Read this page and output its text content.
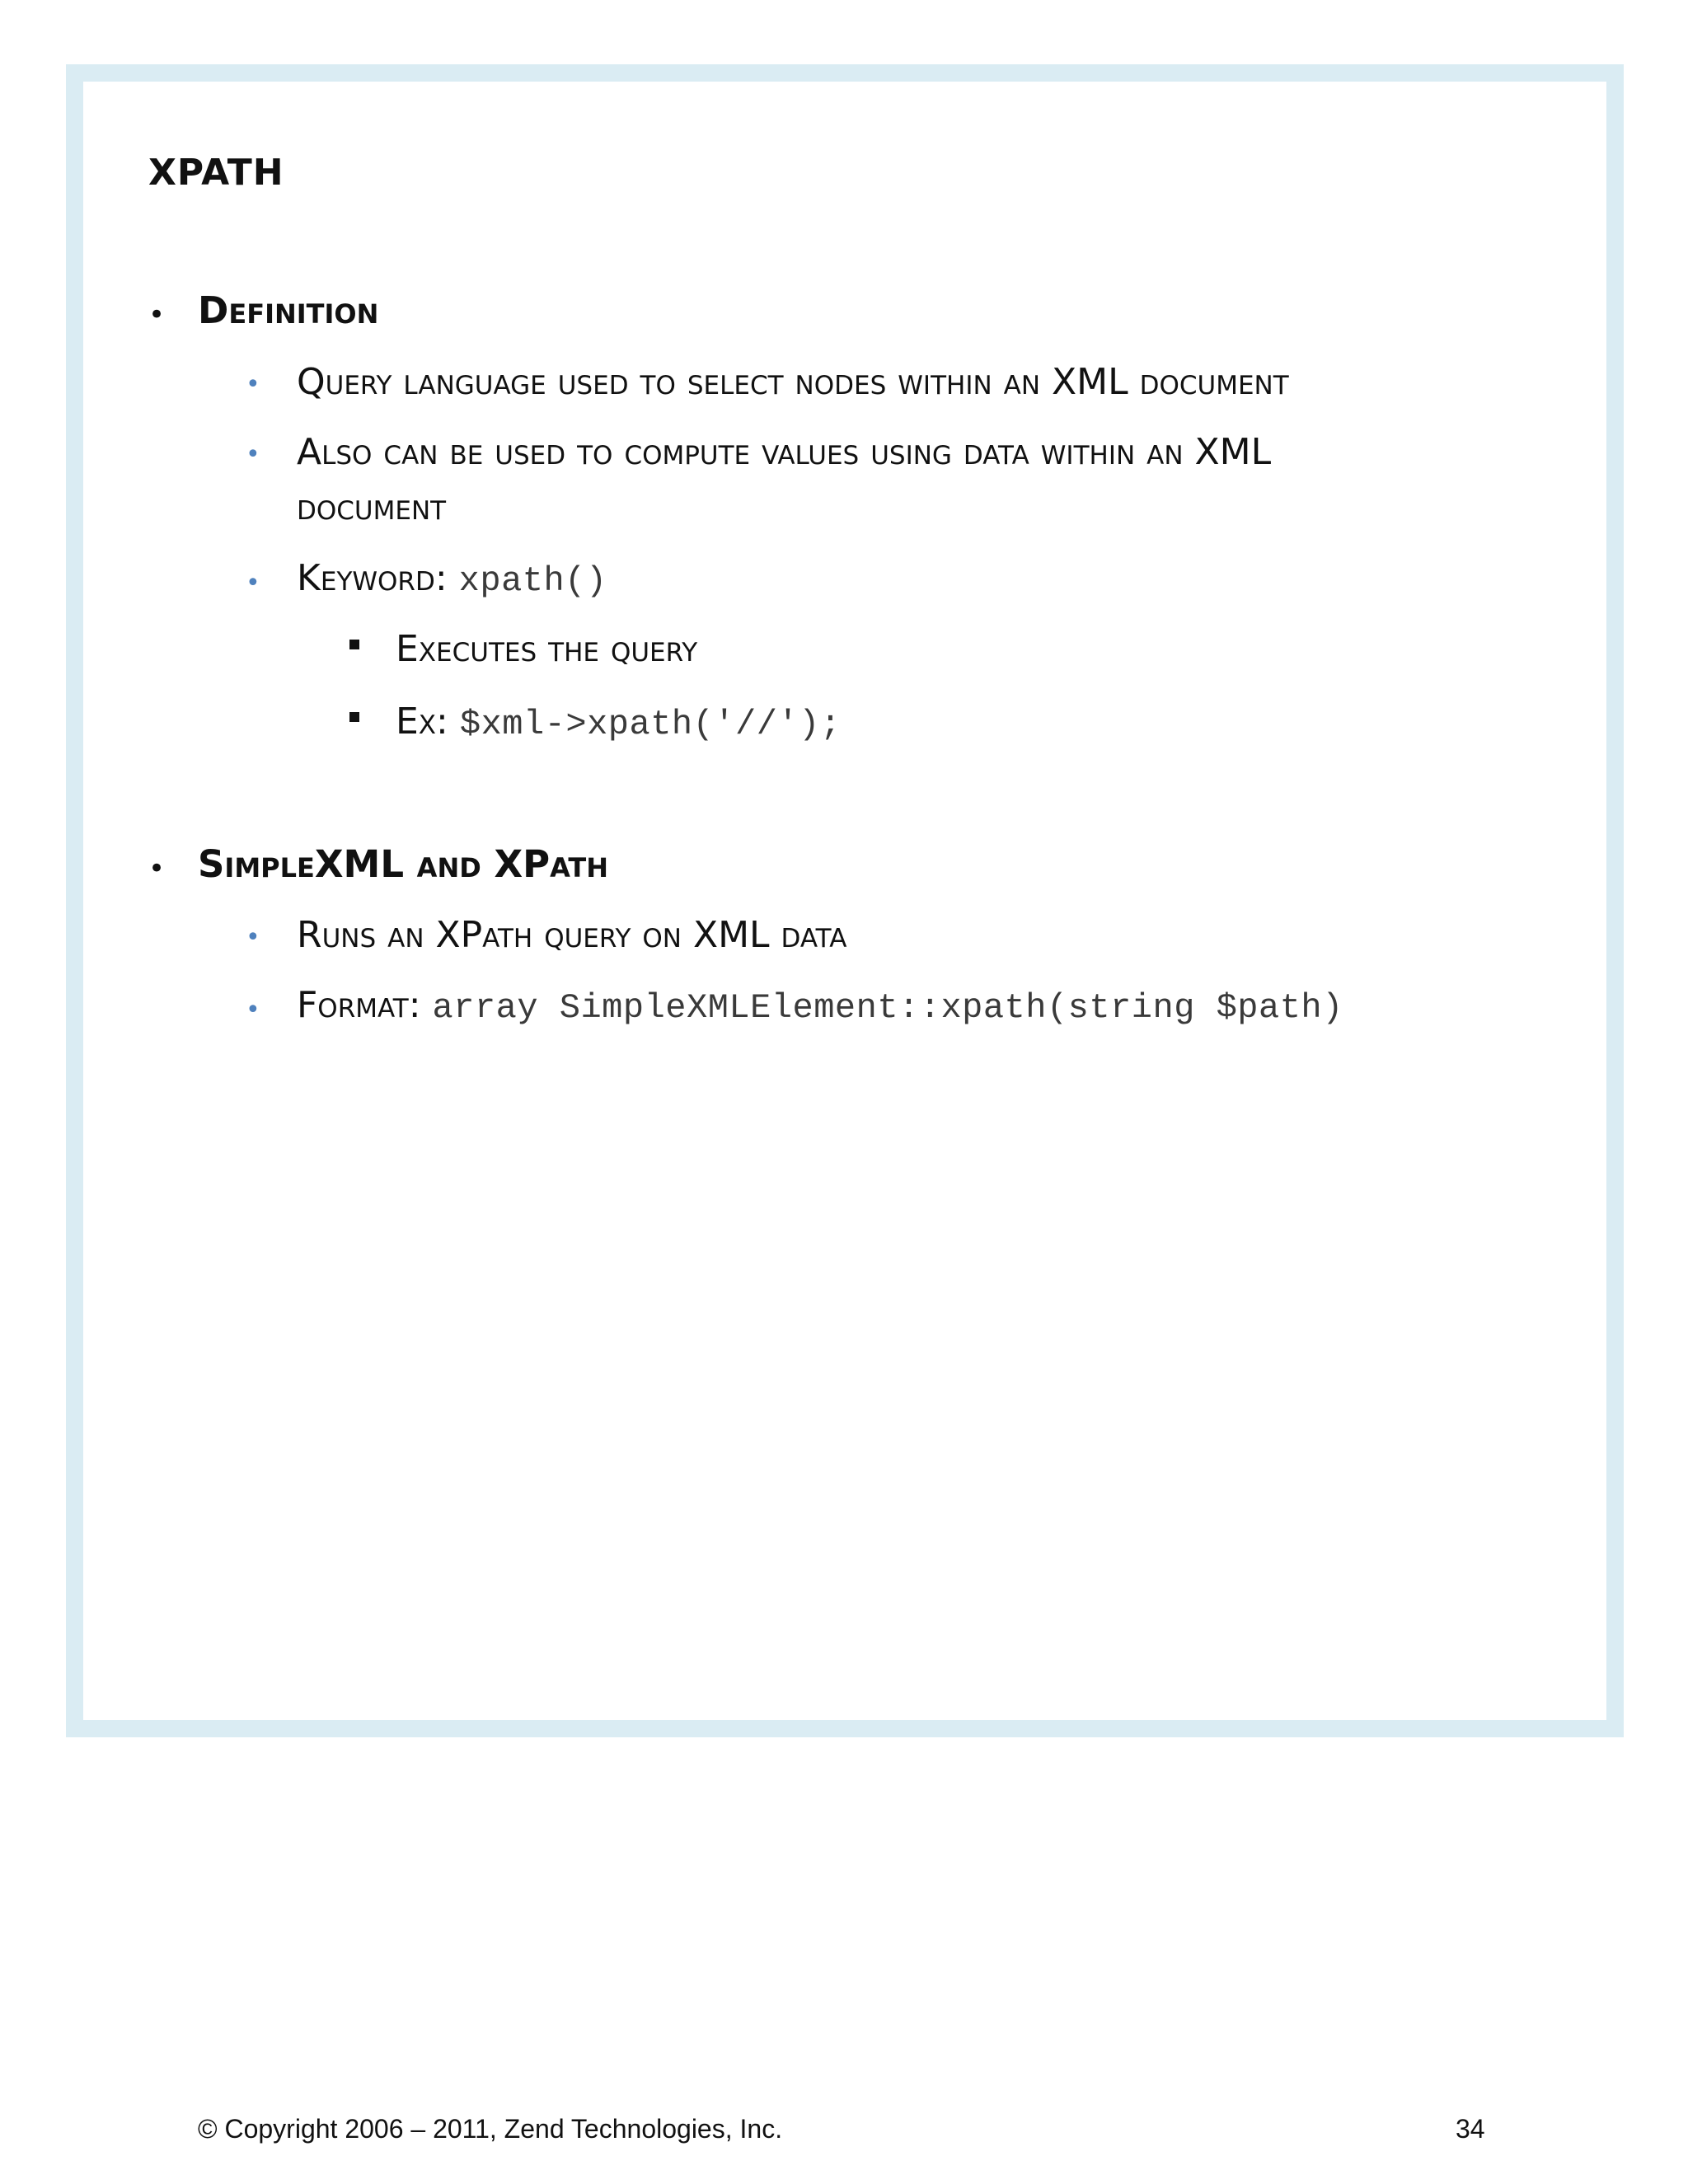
XPATH
• Definition
• Query language used to select nodes within an XML document
• Also can be used to compute values using data within an XML
document
• Keyword: xpath()
Executes the query
Ex: $xml->xpath('//');
• SimpleXML and XPath
• Runs an XPath query on XML data
• Format: array SimpleXMLElement::xpath(string $path)
© Copyright 2006 – 2011, Zend Technologies, Inc.	34
